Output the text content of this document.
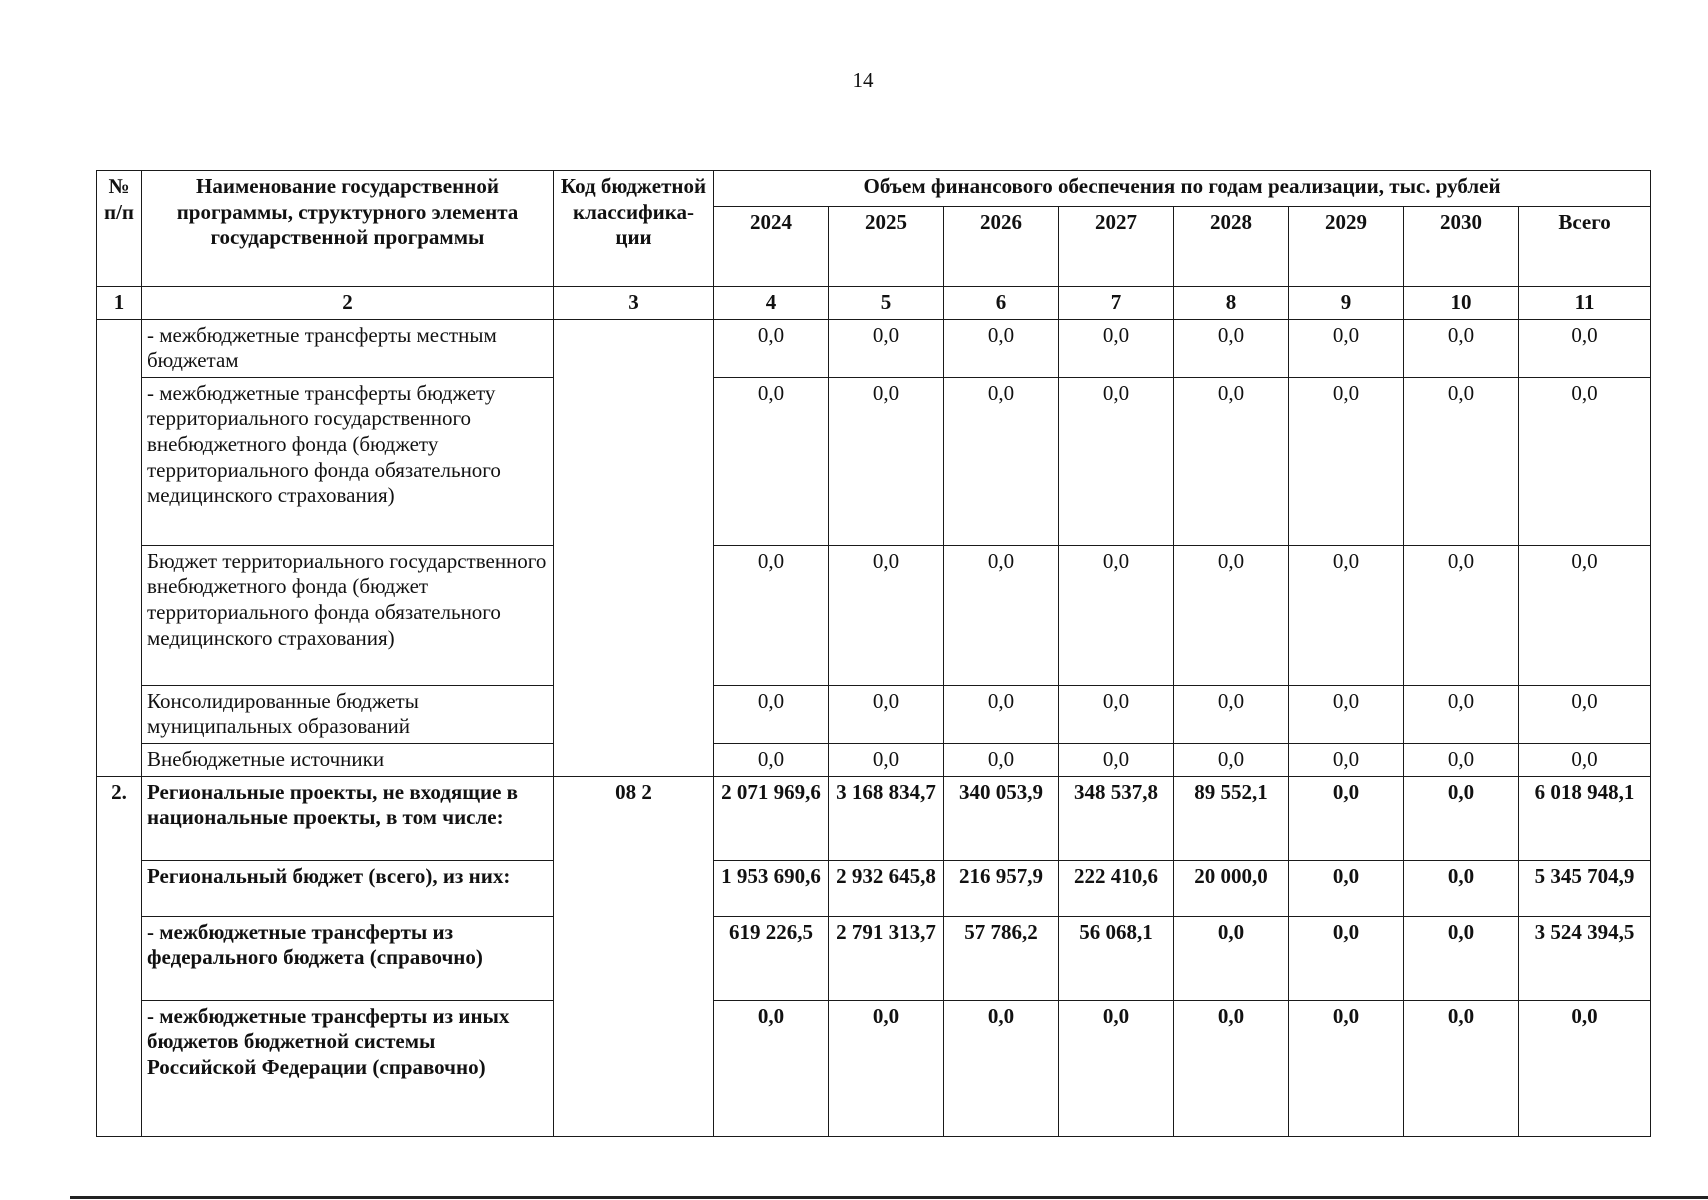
14
№ п/п	Наименование государственной программы, структурного элемента государственной программы	Код бюджетной классифика- ции	Объем финансового обеспечения по годам реализации, тыс. рублей							
			2024	2025	2026	2027	2028	2029	2030	Всего
1	2	3	4	5	6	7	8	9	10	11
	- межбюджетные трансферты местным бюджетам		0,0	0,0	0,0	0,0	0,0	0,0	0,0	0,0
	- межбюджетные трансферты бюджету территориального государственного внебюджетного фонда (бюджету территориального фонда обязательного медицинского страхования)		0,0	0,0	0,0	0,0	0,0	0,0	0,0	0,0
	Бюджет территориального государственного внебюджетного фонда (бюджет территориального фонда обязательного медицинского страхования)		0,0	0,0	0,0	0,0	0,0	0,0	0,0	0,0
	Консолидированные бюджеты муниципальных образований		0,0	0,0	0,0	0,0	0,0	0,0	0,0	0,0
	Внебюджетные источники		0,0	0,0	0,0	0,0	0,0	0,0	0,0	0,0
2.	Региональные проекты, не входящие в национальные проекты, в том числе:	08 2	2 071 969,6	3 168 834,7	340 053,9	348 537,8	89 552,1	0,0	0,0	6 018 948,1
	Региональный бюджет (всего), из них:		1 953 690,6	2 932 645,8	216 957,9	222 410,6	20 000,0	0,0	0,0	5 345 704,9
	- межбюджетные трансферты из федерального бюджета (справочно)		619 226,5	2 791 313,7	57 786,2	56 068,1	0,0	0,0	0,0	3 524 394,5
	- межбюджетные трансферты из иных бюджетов бюджетной системы Российской Федерации (справочно)		0,0	0,0	0,0	0,0	0,0	0,0	0,0	0,0
